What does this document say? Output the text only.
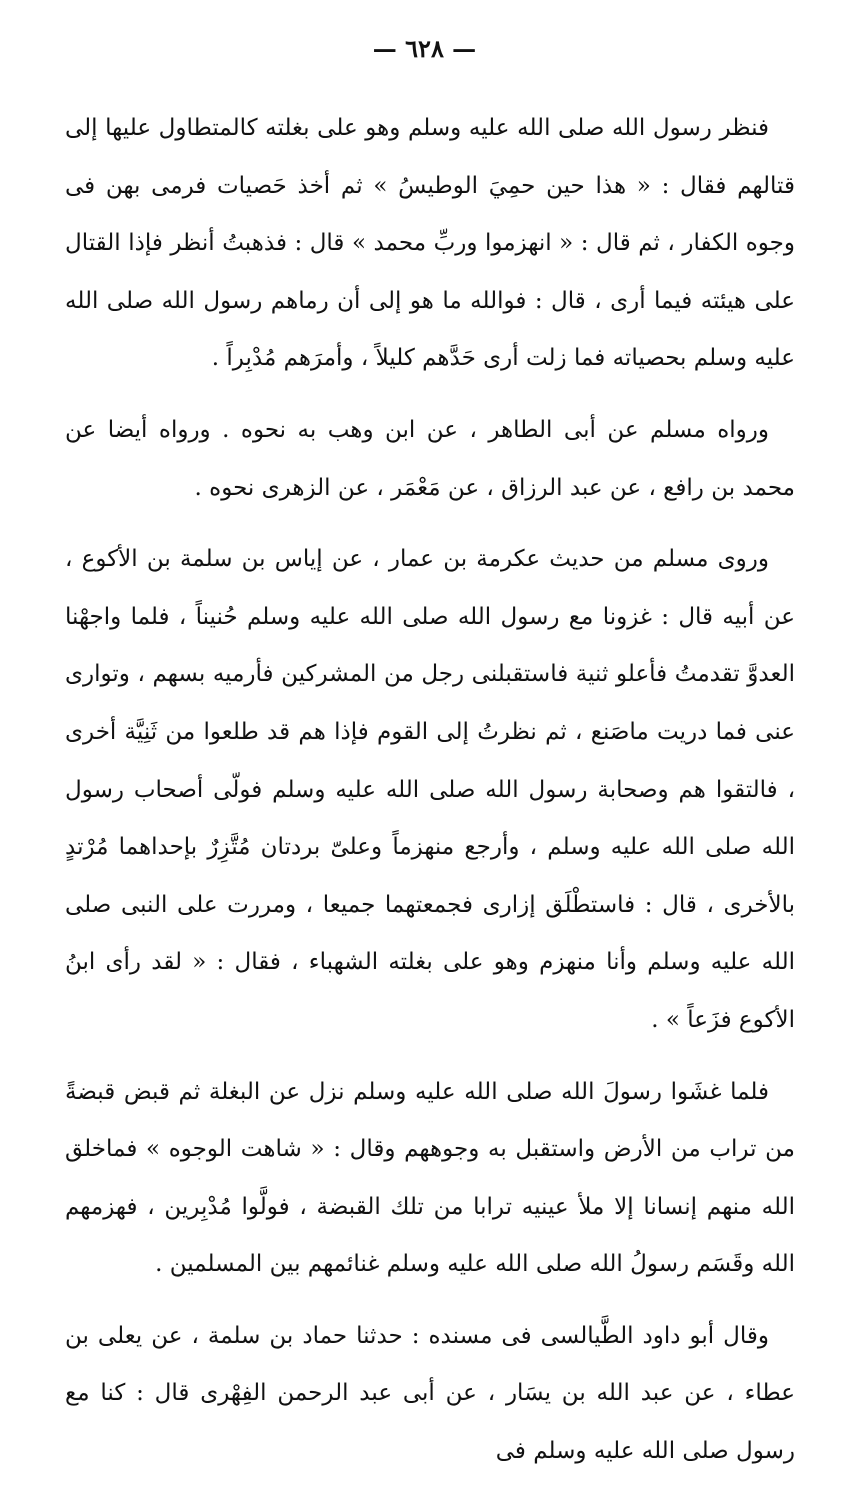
— ٦٢٨ —

فنظر رسول الله صلى الله عليه وسلم وهو على بغلته كالمتطاول عليها إلى قتالهم فقال : « هذا حين حمِيَ الوطيسُ » ثم أخذ حَصيات فرمى بهن فى وجوه الكفار ، ثم قال : « انهزموا وربِّ محمد » قال : فذهبتُ أنظر فإذا القتال على هيئته فيما أرى ، قال : فوالله ما هو إلى أن رماهم رسول الله صلى الله عليه وسلم بحصياته فما زلت أرى حَدَّهم كليلاً ، وأمرَهم مُدْبِراً .

ورواه مسلم عن أبى الطاهر ، عن ابن وهب به نحوه . ورواه أيضا عن محمد بن رافع ، عن عبد الرزاق ، عن مَعْمَر ، عن الزهرى نحوه .

وروى مسلم من حديث عكرمة بن عمار ، عن إياس بن سلمة بن الأكوع ، عن أبيه قال : غزونا مع رسول الله صلى الله عليه وسلم حُنيناً ، فلما واجهْنا العدوَّ تقدمتُ فأعلو ثنية فاستقبلنى رجل من المشركين فأرميه بسهم ، وتوارى عنى فما دريت ماصَنع ، ثم نظرتُ إلى القوم فإذا هم قد طلعوا من ثَنِيَّة أخرى ، فالتقوا هم وصحابة رسول الله صلى الله عليه وسلم فولّى أصحاب رسول الله صلى الله عليه وسلم ، وأرجع منهزماً وعلىّ بردتان مُتَّزِرٌ بإحداهما مُرْتدٍ بالأخرى ، قال : فاستطْلَق إزارى فجمعتهما جميعا ، ومررت على النبى صلى الله عليه وسلم وأنا منهزم وهو على بغلته الشهباء ، فقال : « لقد رأى ابنُ الأكوع فزَعاً » .

فلما غشَوا رسولَ الله صلى الله عليه وسلم نزل عن البغلة ثم قبض قبضةً من تراب من الأرض واستقبل به وجوههم وقال : « شاهت الوجوه » فماخلق الله منهم إنسانا إلا ملأ عينيه ترابا من تلك القبضة ، فولَّوا مُدْبِرين ، فهزمهم الله وقَسَم رسولُ الله صلى الله عليه وسلم غنائمهم بين المسلمين .

وقال أبو داود الطَّيالسى فى مسنده : حدثنا حماد بن سلمة ، عن يعلى بن عطاء ، عن عبد الله بن يسَار ، عن أبى عبد الرحمن الفِهْرى قال : كنا مع رسول صلى الله عليه وسلم فى
